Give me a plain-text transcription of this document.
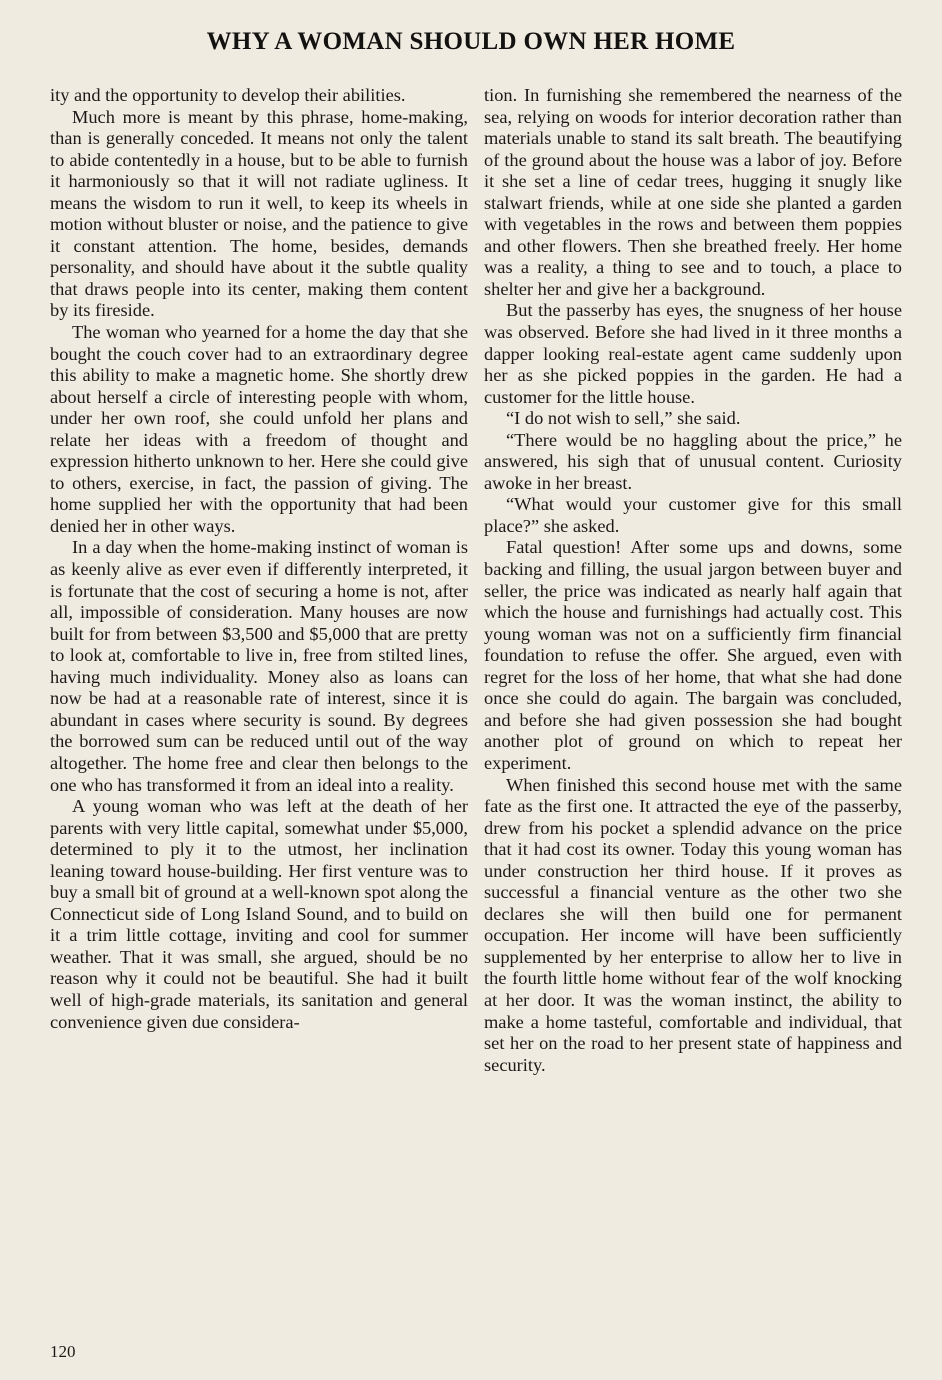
WHY A WOMAN SHOULD OWN HER HOME

ity and the opportunity to develop their abilities.

Much more is meant by this phrase, home-making, than is generally conceded. It means not only the talent to abide contentedly in a house, but to be able to furnish it harmoniously so that it will not radiate ugliness. It means the wisdom to run it well, to keep its wheels in motion without bluster or noise, and the patience to give it constant attention. The home, besides, demands personality, and should have about it the subtle quality that draws people into its center, making them content by its fireside.

The woman who yearned for a home the day that she bought the couch cover had to an extraordinary degree this ability to make a magnetic home. She shortly drew about herself a circle of interesting people with whom, under her own roof, she could unfold her plans and relate her ideas with a freedom of thought and expression hitherto unknown to her. Here she could give to others, exercise, in fact, the passion of giving. The home supplied her with the opportunity that had been denied her in other ways.

In a day when the home-making instinct of woman is as keenly alive as ever even if differently interpreted, it is fortunate that the cost of securing a home is not, after all, impossible of consideration. Many houses are now built for from between $3,500 and $5,000 that are pretty to look at, comfortable to live in, free from stilted lines, having much individuality. Money also as loans can now be had at a reasonable rate of interest, since it is abundant in cases where security is sound. By degrees the borrowed sum can be reduced until out of the way altogether. The home free and clear then belongs to the one who has transformed it from an ideal into a reality.

A young woman who was left at the death of her parents with very little capital, somewhat under $5,000, determined to ply it to the utmost, her inclination leaning toward house-building. Her first venture was to buy a small bit of ground at a well-known spot along the Connecticut side of Long Island Sound, and to build on it a trim little cottage, inviting and cool for summer weather. That it was small, she argued, should be no reason why it could not be beautiful. She had it built well of high-grade materials, its sanitation and general convenience given due considera-

tion. In furnishing she remembered the nearness of the sea, relying on woods for interior decoration rather than materials unable to stand its salt breath. The beautifying of the ground about the house was a labor of joy. Before it she set a line of cedar trees, hugging it snugly like stalwart friends, while at one side she planted a garden with vegetables in the rows and between them poppies and other flowers. Then she breathed freely. Her home was a reality, a thing to see and to touch, a place to shelter her and give her a background.

But the passerby has eyes, the snugness of her house was observed. Before she had lived in it three months a dapper looking real-estate agent came suddenly upon her as she picked poppies in the garden. He had a customer for the little house.

“I do not wish to sell,” she said.

“There would be no haggling about the price,” he answered, his sigh that of unusual content. Curiosity awoke in her breast.

“What would your customer give for this small place?” she asked.

Fatal question! After some ups and downs, some backing and filling, the usual jargon between buyer and seller, the price was indicated as nearly half again that which the house and furnishings had actually cost. This young woman was not on a sufficiently firm financial foundation to refuse the offer. She argued, even with regret for the loss of her home, that what she had done once she could do again. The bargain was concluded, and before she had given possession she had bought another plot of ground on which to repeat her experiment.

When finished this second house met with the same fate as the first one. It attracted the eye of the passerby, drew from his pocket a splendid advance on the price that it had cost its owner. Today this young woman has under construction her third house. If it proves as successful a financial venture as the other two she declares she will then build one for permanent occupation. Her income will have been sufficiently supplemented by her enterprise to allow her to live in the fourth little home without fear of the wolf knocking at her door. It was the woman instinct, the ability to make a home tasteful, comfortable and individual, that set her on the road to her present state of happiness and security.

120
